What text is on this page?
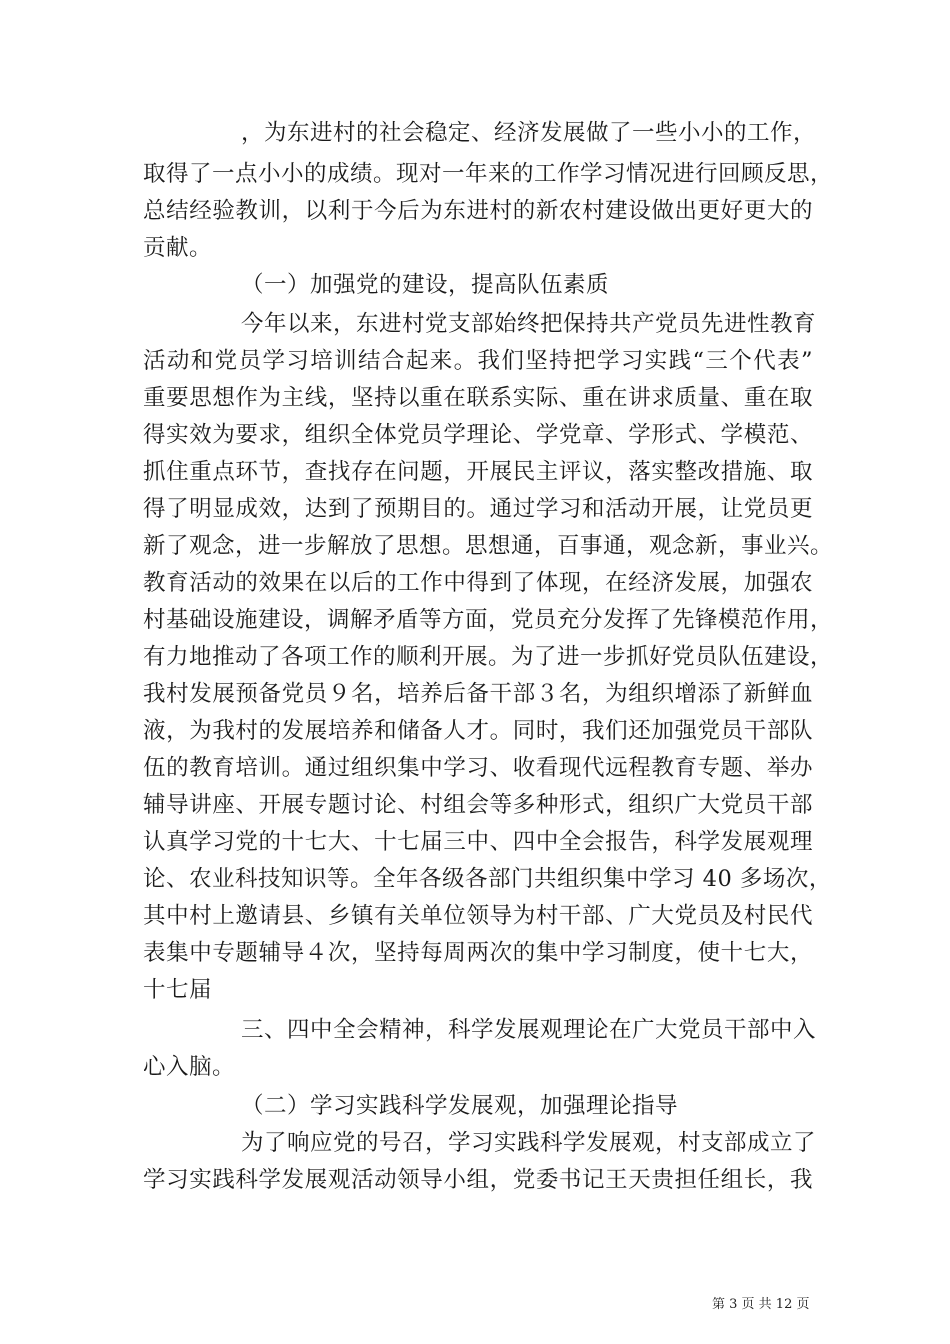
，为东进村的社会稳定、经济发展做了一些小小的工作，
取得了一点小小的成绩。现对一年来的工作学习情况进行回顾反思，
总结经验教训，以利于今后为东进村的新农村建设做出更好更大的
贡献。
（一）加强党的建设，提高队伍素质
今年以来，东进村党支部始终把保持共产党员先进性教育
活动和党员学习培训结合起来。我们坚持把学习实践“三个代表”
重要思想作为主线，坚持以重在联系实际、重在讲求质量、重在取
得实效为要求，组织全体党员学理论、学党章、学形式、学模范、
抓住重点环节，查找存在问题，开展民主评议，落实整改措施、取
得了明显成效，达到了预期目的。通过学习和活动开展，让党员更
新了观念，进一步解放了思想。思想通，百事通，观念新，事业兴。
教育活动的效果在以后的工作中得到了体现，在经济发展，加强农
村基础设施建设，调解矛盾等方面，党员充分发挥了先锋模范作用，
有力地推动了各项工作的顺利开展。为了进一步抓好党员队伍建设，
我村发展预备党员９名，培养后备干部３名，为组织增添了新鲜血
液，为我村的发展培养和储备人才。同时，我们还加强党员干部队
伍的教育培训。通过组织集中学习、收看现代远程教育专题、举办
辅导讲座、开展专题讨论、村组会等多种形式，组织广大党员干部
认真学习党的十七大、十七届三中、四中全会报告，科学发展观理
论、农业科技知识等。全年各级各部门共组织集中学习 40 多场次，
其中村上邀请县、乡镇有关单位领导为村干部、广大党员及村民代
表集中专题辅导４次，坚持每周两次的集中学习制度，使十七大，
十七届
三、四中全会精神，科学发展观理论在广大党员干部中入
心入脑。
（二）学习实践科学发展观，加强理论指导
为了响应党的号召，学习实践科学发展观，村支部成立了
学习实践科学发展观活动领导小组，党委书记王天贵担任组长，我
第 3 页 共 12 页
